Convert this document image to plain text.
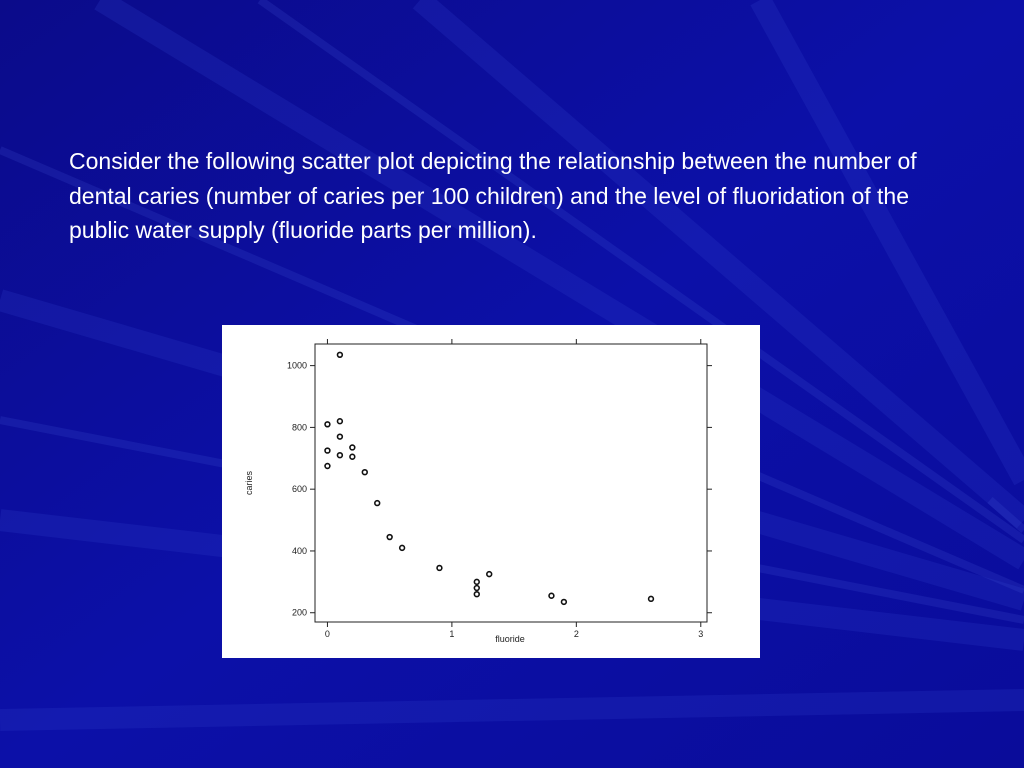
Consider the following scatter plot depicting the relationship between the number of dental caries (number of caries per 100 children) and the level of fluoridation of the public water supply (fluoride parts per million).
0	1	2	3
200
400
600
800
1000
fluoride
caries
